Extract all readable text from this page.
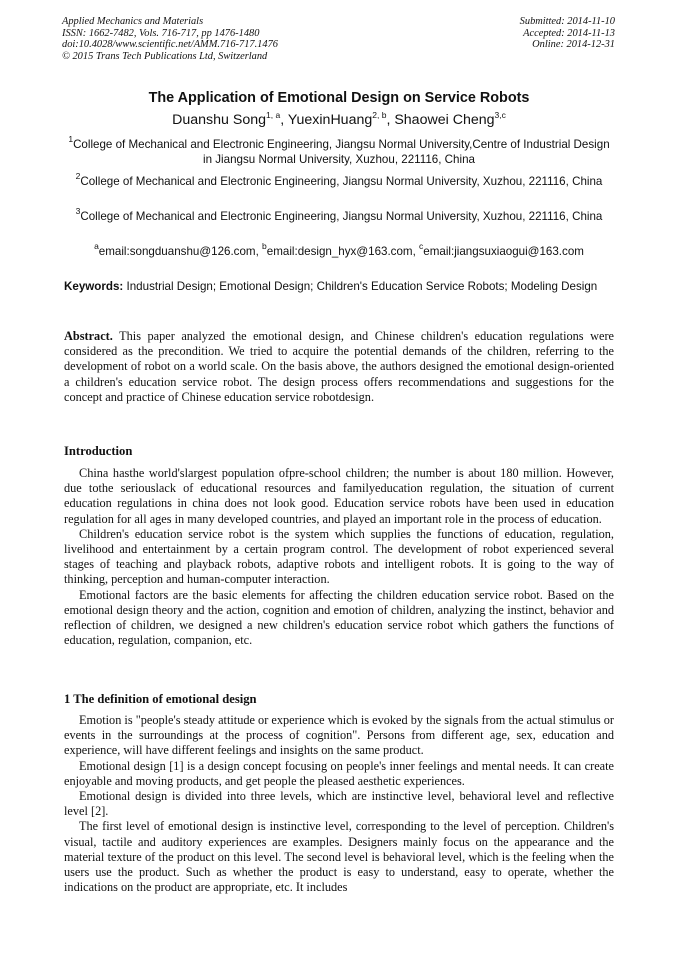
Applied Mechanics and Materials
ISSN: 1662-7482, Vols. 716-717, pp 1476-1480
doi:10.4028/www.scientific.net/AMM.716-717.1476
© 2015 Trans Tech Publications Ltd, Switzerland
Submitted: 2014-11-10
Accepted: 2014-11-13
Online: 2014-12-31
The Application of Emotional Design on Service Robots
Duanshu Song$^{1, a}$, YuexinHuang$^{2, b}$, Shaowei Cheng$^{3,c}$
$^1$College of Mechanical and Electronic Engineering, Jiangsu Normal University,Centre of Industrial Design in Jiangsu Normal University, Xuzhou, 221116, China
$^2$College of Mechanical and Electronic Engineering, Jiangsu Normal University, Xuzhou, 221116, China
$^3$College of Mechanical and Electronic Engineering, Jiangsu Normal University, Xuzhou, 221116, China
$^a$email:songduanshu@126.com, $^b$email:design_hyx@163.com, $^c$email:jiangsuxiaogui@163.com
Keywords: Industrial Design; Emotional Design; Children's Education Service Robots; Modeling Design
Abstract. This paper analyzed the emotional design, and Chinese children's education regulations were considered as the precondition. We tried to acquire the potential demands of the children, referring to the development of robot on a world scale. On the basis above, the authors designed the emotional design-oriented a children's education service robot. The design process offers recommendations and suggestions for the concept and practice of Chinese education service robotdesign.
Introduction

China hasthe world'slargest population ofpre-school children; the number is about 180 million. However, due tothe seriouslack of educational resources and familyeducation regulation, the situation of current education regulations in china does not look good. Education service robots have been used in education regulation for all ages in many developed countries, and played an important role in the process of education.

Children's education service robot is the system which supplies the functions of education, regulation, livelihood and entertainment by a certain program control. The development of robot experienced several stages of teaching and playback robots, adaptive robots and intelligent robots. It is going to the way of thinking, perception and human-computer interaction.

Emotional factors are the basic elements for affecting the children education service robot. Based on the emotional design theory and the action, cognition and emotion of children, analyzing the instinct, behavior and reflection of children, we designed a new children's education service robot which gathers the functions of education, regulation, companion, etc.

1 The definition of emotional design

Emotion is "people's steady attitude or experience which is evoked by the signals from the actual stimulus or events in the surroundings at the process of cognition". Persons from different age, sex, education and experience, will have different feelings and insights on the same product.

Emotional design [1] is a design concept focusing on people's inner feelings and mental needs. It can create enjoyable and moving products, and get people the pleased aesthetic experiences.

Emotional design is divided into three levels, which are instinctive level, behavioral level and reflective level [2].

The first level of emotional design is instinctive level, corresponding to the level of perception. Children's visual, tactile and auditory experiences are examples. Designers mainly focus on the appearance and the material texture of the product on this level. The second level is behavioral level, which is the feeling when the users use the product. Such as whether the product is easy to understand, easy to operate, whether the indications on the product are appropriate, etc. It includes
